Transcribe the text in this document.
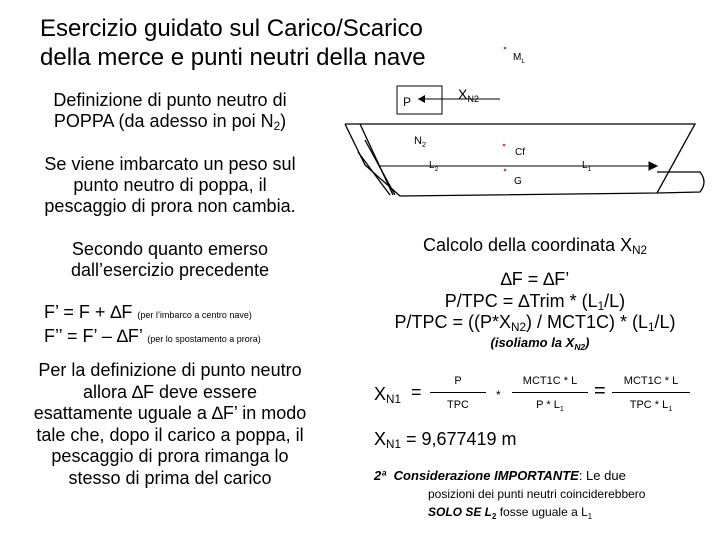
Esercizio guidato sul Carico/Scarico
della merce e punti neutri della nave
Definizione di punto neutro di
POPPA (da adesso in poi $N_2$)
Se viene imbarcato un peso sul
punto neutro di poppa, il
pescaggio di prora non cambia.
Secondo quanto emerso
dall’esercizio precedente
F’ = F + ∆F (per l’imbarco a centro nave)
F’’ = F’ – ∆F’ (per lo spostamento a prora)
Per la definizione di punto neutro
allora ∆F deve essere
esattamente uguale a ∆F’ in modo
tale che, dopo il carico a poppa, il
pescaggio di prora rimanga lo
stesso di prima del carico
$M_L$
P	$X_{N2}$
$N_2$
$L_2$
Cf
$L_1$
G
Calcolo della coordinata $X_{N2}$
∆F = ∆F’
P/TPC = ∆Trim * $(L_1/L)$
$P/TPC = ((P*X_{N2}) / MCT1C) * (L_1/L)$
(isoliamo la $X_{N2}$)
$X_{N1}$ =
P
TPC
*
MCT1C * L
P * $L_1$
=	MCT1C * L
TPC * $L_1$
$X_{N1} = 9,677419$ m
2ª Considerazione IMPORTANTE: Le due
posizioni dei punti neutri coinciderebbero
SOLO SE $L_2$ fosse uguale a $L_1$
